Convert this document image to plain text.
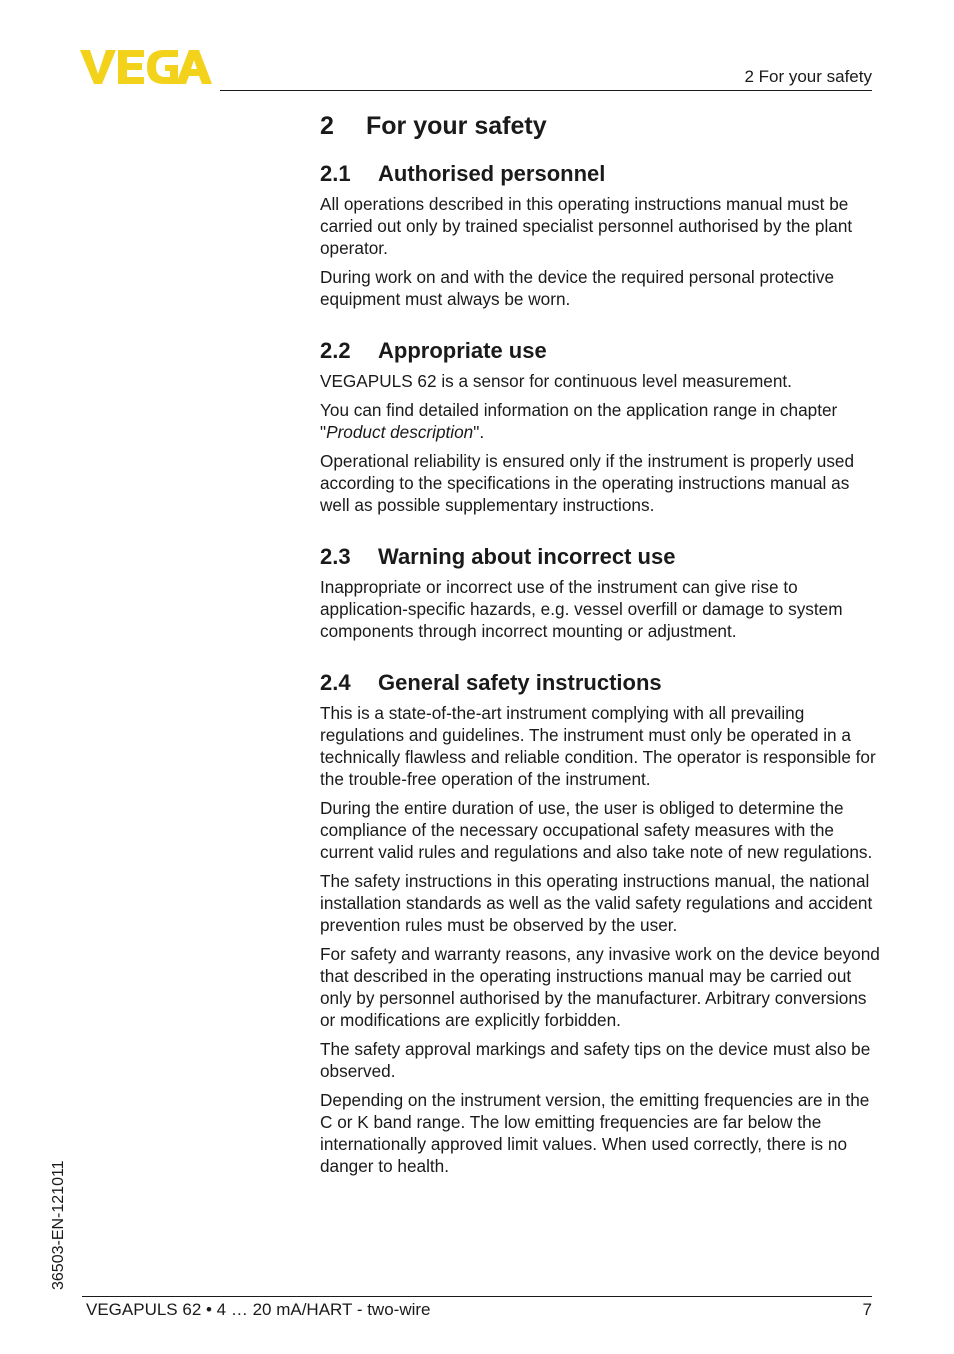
2 For your safety
2	For your safety
2.1	Authorised personnel

All operations described in this operating instructions manual must be carried out only by trained specialist personnel authorised by the plant operator.

During work on and with the device the required personal protective equipment must always be worn.

2.2	Appropriate use

VEGAPULS 62 is a sensor for continuous level measurement.

You can find detailed information on the application range in chapter "Product description".

Operational reliability is ensured only if the instrument is properly used according to the specifications in the operating instructions manual as well as possible supplementary instructions.

2.3	Warning about incorrect use

Inappropriate or incorrect use of the instrument can give rise to application-specific hazards, e.g. vessel overfill or damage to system components through incorrect mounting or adjustment.

2.4	General safety instructions

This is a state-of-the-art instrument complying with all prevailing regulations and guidelines. The instrument must only be operated in a technically flawless and reliable condition. The operator is responsible for the trouble-free operation of the instrument.

During the entire duration of use, the user is obliged to determine the compliance of the necessary occupational safety measures with the current valid rules and regulations and also take note of new regulations.

The safety instructions in this operating instructions manual, the national installation standards as well as the valid safety regulations and accident prevention rules must be observed by the user.

For safety and warranty reasons, any invasive work on the device beyond that described in the operating instructions manual may be carried out only by personnel authorised by the manufacturer. Arbitrary conversions or modifications are explicitly forbidden.

The safety approval markings and safety tips on the device must also be observed.

Depending on the instrument version, the emitting frequencies are in the C or K band range. The low emitting frequencies are far below the internationally approved limit values. When used correctly, there is no danger to health.

36503-EN-121011
VEGAPULS 62 • 4 … 20 mA/HART - two-wire	7
